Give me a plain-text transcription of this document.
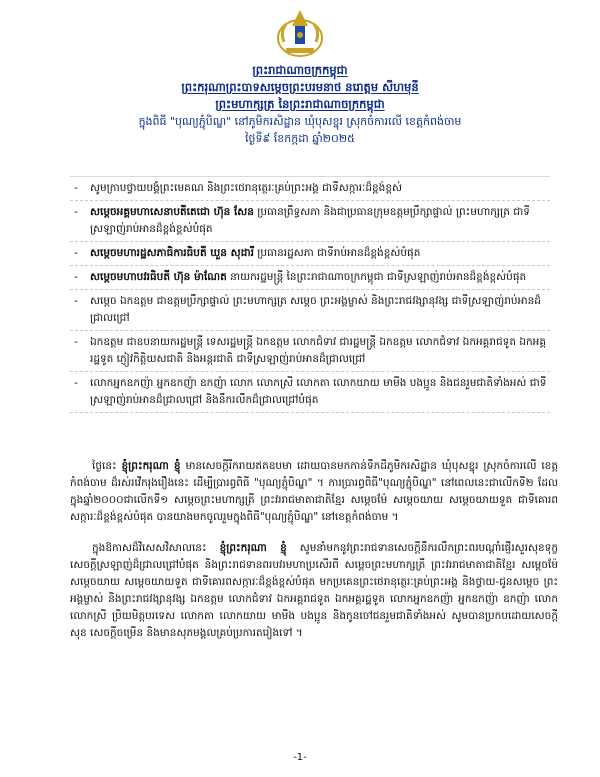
ព្រះរាជាណាចក្រកម្ពុជា
ព្រះករុណាព្រះបាទសម្តេចព្រះបរមនាថ នរោត្តម សីហមុនី
ព្រះមហាក្សត្រ នៃព្រះរាជាណាចក្រកម្ពុជា
ក្នុងពិធី "បុណ្យភ្ជុំបិណ្ឌ" នៅភូមិករសិដ្ឋាន ឃុំបុសខ្នុរ ស្រុកចំការលើ ខេត្តកំពង់ចាម
ថ្ងៃទី៩ ខែកក្កដា ឆ្នាំ២០២៥
- សូមក្រាបថ្វាយបង្គំព្រះមេគណ និងព្រះថេរានុត្ថេរៈគ្រប់ព្រះអង្គ ជាទីសក្ការៈដ៏ខ្ពង់ខ្ពស់
- សម្តេចអគ្គមហាសេនាបតីតេជោ ហ៊ុន សែន ប្រធានព្រឹទ្ធសភា និងជាប្រធានក្រុមឧត្តមប្រឹក្សាផ្ទាល់ ព្រះមហាក្សត្រ ជាទីស្រឡាញ់រាប់អានដ៏ខ្ពង់ខ្ពស់បំផុត
- សម្តេចមហារដ្ឋសភាធិការធិបតី ឃួន សុដារី ប្រធានរដ្ឋសភា ជាទីរាប់អានដ៏ខ្ពង់ខ្ពស់បំផុត
- សម្តេចមហាបវរធិបតី ហ៊ុន ម៉ាណែត នាយករដ្ឋមន្ត្រី នៃព្រះរាជាណាចក្រកម្ពុជា ជាទីស្រឡាញ់រាប់អានដ៏ខ្ពង់ខ្ពស់បំផុត
- សម្តេច ឯកឧត្តម ជាឧត្តមប្រឹក្សាផ្ទាល់ ព្រះមហាក្សត្រ សម្តេច ព្រះអង្គម្ចាស់ និងព្រះរាជវង្សានុវង្ស ជាទីស្រឡាញ់រាប់អានដ៏ជ្រាលជ្រៅ
- ឯកឧត្តម ជាឧបនាយករដ្ឋមន្ត្រី ទេសរដ្ឋមន្ត្រី ឯកឧត្តម លោកជំទាវ ជារដ្ឋមន្ត្រី ឯកឧត្តម លោកជំទាវ ឯកអគ្គរាជទូត ឯកអគ្គរដ្ឋទូត ភ្ញៀវកិត្តិយសជាតិ និងអន្តរជាតិ ជាទីស្រឡាញ់រាប់អានដ៏ជ្រាលជ្រៅ
- លោកអ្នកឧកញ៉ា អ្នកឧកញ៉ា ឧកញ៉ា លោក លោកស្រី លោកតា លោកយាយ មាមីង បងប្អូន និងជនរួមជាតិទាំងអស់ ជាទីស្រឡាញ់រាប់អានដ៏ជ្រាលជ្រៅ និងនឹករលឹកដ៏ជ្រាលជ្រៅបំផុត

ថ្ងៃនេះ ខ្ញុំព្រះករុណា ខ្ញុំ មានសេចក្តីរីករាយឥតឧបមា ដោយបានមកកាន់ទឹកដីភូមិករសិដ្ឋាន ឃុំបុសខ្នុរ ស្រុកចំការលើ ខេត្តកំពង់ចាម ដ៏រស់រវើករុងរឿងនេះ ដើម្បីប្រារព្ធពិធី "បុណ្យភ្ជុំបិណ្ឌ" ។ ការប្រារព្ធពិធី"បុណ្យភ្ជុំបិណ្ឌ" នៅពេលនេះជាលើកទី២ ដែលក្នុងឆ្នាំ២០០០ជាលើកទី១ សម្តេចព្រះមហាក្សត្រី ព្រះវររាជមាតាជាតិខ្មែរ សម្តេចម៉ែ សម្តេចយាយ សម្តេចយាយទួត ជាទីគោរពសក្ការៈដ៏ខ្ពង់ខ្ពស់បំផុត បានយាងមកចូលរួមក្នុងពិធី"បុណ្យភ្ជុំបិណ្ឌ" នៅខេត្តកំពង់ចាម ។

ក្នុងឱកាសដ៏វិសេសវិសាលនេះ ខ្ញុំព្រះករុណា ខ្ញុំ សូមនាំមកនូវព្រះរាជទានសេចក្តីនឹករលឹកព្រះពរបណ្តាំផ្ញើរសួរសុខទុក្ខ សេចក្តីស្រឡាញ់ដ៏ជ្រាលជ្រៅបំផុត និងព្រះរាជទានពរបវរមហាប្រសើរពី សម្តេចព្រះមហាក្សត្រី ព្រះវររាជមាតាជាតិខ្មែរ សម្តេចម៉ែ សម្តេចយាយ សម្តេចយាយទួត ជាទីគោរពសក្ការៈដ៏ខ្ពង់ខ្ពស់បំផុត មកប្រគេនព្រះថេរានុត្ថេរៈគ្រប់ព្រះអង្គ និងថ្វាយ-ជូនសម្តេច ព្រះអង្គម្ចាស់ និងព្រះរាជវង្សានុវង្ស ឯកឧត្តម លោកជំទាវ ឯកអគ្គរាជទូត ឯកអគ្គរដ្ឋទូត លោកអ្នកឧកញ៉ា អ្នកឧកញ៉ា ឧកញ៉ា លោក លោកស្រី ប្រិយមិត្តបរទេស លោកតា លោកយាយ មាមីង បងប្អូន និងកូនចៅជនរួមជាតិទាំងអស់ សូមបានប្រកបដោយសេចក្តីសុខ សេចក្តីចម្រើន និងមានសុភមង្គលគ្រប់ប្រការតរៀងទៅ ។

-1-
